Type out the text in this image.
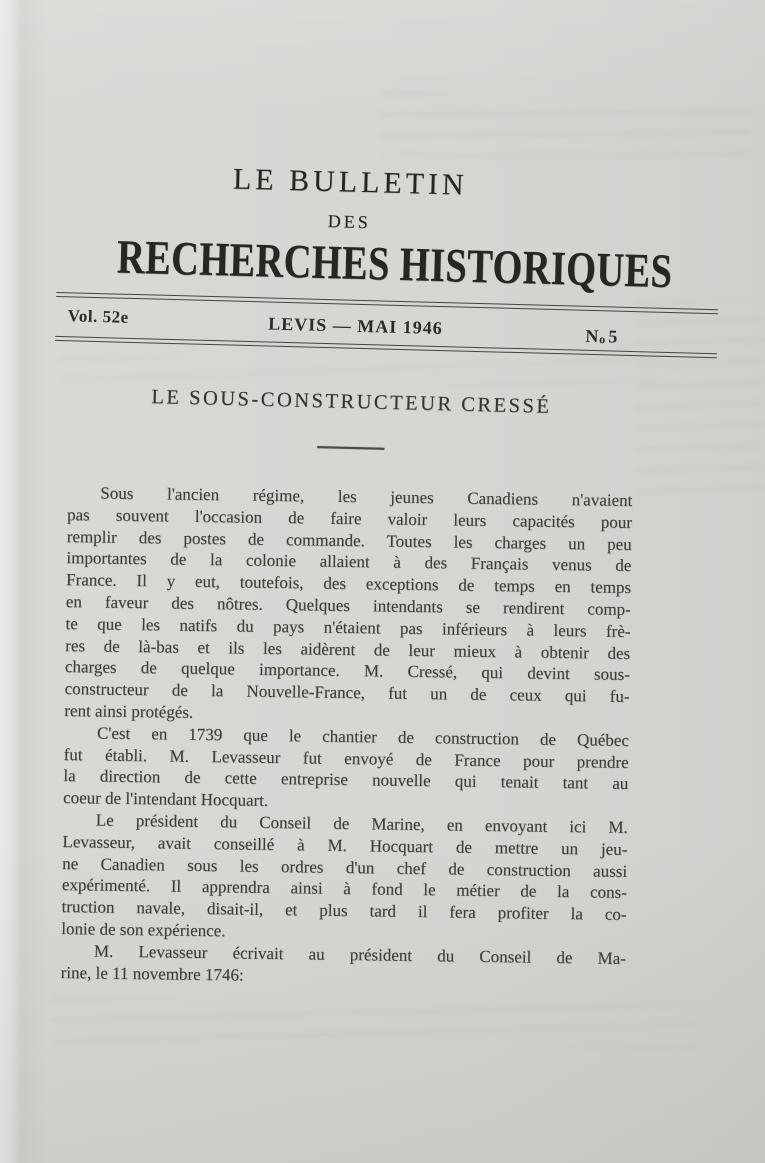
LE BULLETIN
DES
RECHERCHES HISTORIQUES
Vol. 52e	LEVIS — MAI 1946	No 5
LE SOUS-CONSTRUCTEUR CRESSÉ
Sous l'ancien régime, les jeunes Canadiens n'avaient
pas souvent l'occasion de faire valoir leurs capacités pour
remplir des postes de commande. Toutes les charges un peu
importantes de la colonie allaient à des Français venus de
France. Il y eut, toutefois, des exceptions de temps en temps
en faveur des nôtres. Quelques intendants se rendirent comp-
te que les natifs du pays n'étaient pas inférieurs à leurs frè-
res de là-bas et ils les aidèrent de leur mieux à obtenir des
charges de quelque importance. M. Cressé, qui devint sous-
constructeur de la Nouvelle-France, fut un de ceux qui fu-
rent ainsi protégés.
C'est en 1739 que le chantier de construction de Québec
fut établi. M. Levasseur fut envoyé de France pour prendre
la direction de cette entreprise nouvelle qui tenait tant au
coeur de l'intendant Hocquart.
Le président du Conseil de Marine, en envoyant ici M.
Levasseur, avait conseillé à M. Hocquart de mettre un jeu-
ne Canadien sous les ordres d'un chef de construction aussi
expérimenté. Il apprendra ainsi à fond le métier de la cons-
truction navale, disait-il, et plus tard il fera profiter la co-
lonie de son expérience.
M. Levasseur écrivait au président du Conseil de Ma-
rine, le 11 novembre 1746:
